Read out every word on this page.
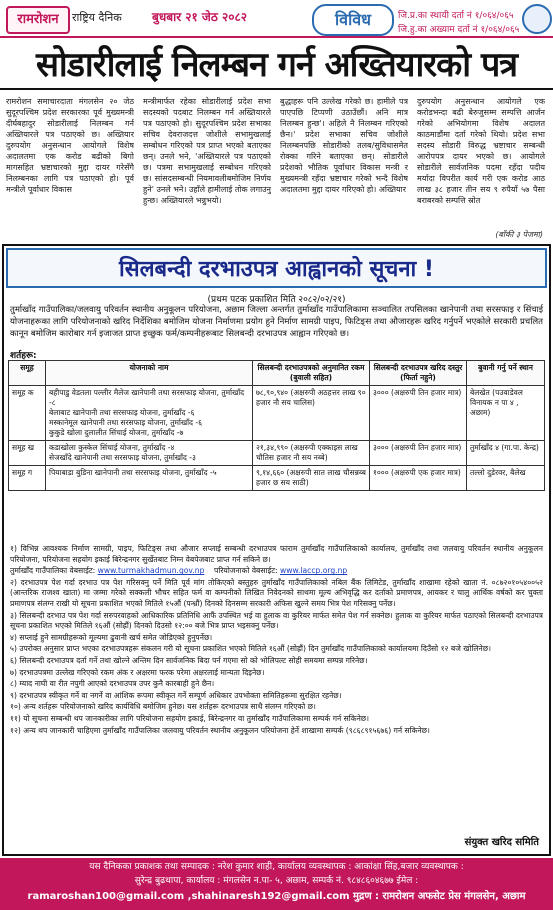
रामरोशन	राष्ट्रिय दैनिक	बुधबार २१ जेठ २०८२	विविध	जि.प्र.का स्थायी दर्ता नं १/०६४/०६५
जि.हु.का अख्याम दर्ता नं १/०६४/०६५
सोडारीलाई निलम्बन गर्न अख्तियारको पत्र
रामरोशन समाचारदाता मंगलसेन २० जेठ सुदूरपश्चिम प्रदेश सरकारका पूर्व मुख्यमन्त्री दीर्घबहादुर सोडारीलाई निलम्बन गर्न अख्तियारले पत्र पठाएको छ। अख्तियार दुरुपयोग अनुसन्धान आयोगले विशेष अदालतमा एक करोड बढीको बिगो मागसहित भ्रष्टाचारको मुद्दा दायर गरेसँगै निलम्बनका लागि पत्र पठाएको हो। पूर्व मन्त्रीले पूर्वाधार विकास
मन्त्रीमार्फत रहेका सोडारीलाई प्रदेश सभा सदस्यको पदबाट निलम्बन गर्न अख्तियारले पत्र पठाएको हो। सुदूरपश्चिम प्रदेश सभाका सचिव देवराजदत्त जोशीले सभामुखलाई सम्बोधन गरिएको पत्र प्राप्त भएको बताएका छन्। उनले भने, 'अख्तियारले पत्र पठाएको छ। पत्रमा सभामुखलाई सम्बोधन गरिएको छ। सांसदसम्बन्धी नियमावलीबमोजिम निर्णय हुने' उनले भने। उहाँले हामीलाई तोक लगाउनु हुन्छ। अख्तियारले भन्नुभयो।
बुद्धाहरू पनि उल्लेख गरेको छ। हामीले पत्र पाएपछि टिप्पणी उठाउँछौं। अनि मात्र निलम्बन हुन्छ'। अहिले नै निलम्बन गरिएको छैन।' प्रदेश सभाका सचिव जोशीले निलम्बनपछि सोडारीको तलब/सुविधासमेत रोक्का गरिने बताएका छन्। सोडारीले प्रदेशको भौतिक पूर्वाधार विकास मन्त्री र मुख्यमन्त्री रहँदा भ्रष्टाचार गरेको भन्दै विशेष अदालतमा मुद्दा दायर गरिएको हो। अख्तियार
दुरुपयोग अनुसन्धान आयोगले एक करोडभन्दा बढी बेरुजुसम्म सम्पत्ति आर्जन गरेको अभियोगमा विशेष अदालत काठमाडौंमा दर्ता गरेको थियो। प्रदेश सभा सदस्य सोडारी विरुद्ध भ्रष्टाचार सम्बन्धी आरोपपत्र दायर भएको छ। आयोगले सोडारीले सार्वजनिक पदमा रहँदा पदीय मर्यादा विपरीत कार्य गरी एक करोड आठ लाख ३८ हजार तीन सय ९ रुपैयाँ ५७ पैसा बराबरको सम्पत्ति स्रोत
(बाँकी ३ पेजमा)
सिलबन्दी दरभाउपत्र आह्वानको सूचना !
(प्रथम पटक प्रकाशित मिति २०८२/०२/२१)
तुर्माखाँद गाउँपालिका/जलवायु परिवर्तन स्थानीय अनुकूलन परियोजना, अछाम जिल्ला अन्तर्गत तुर्माखाँद गाउँपालिकामा सञ्चालित तपसिलका खानेपानी तथा सरसफाइ र सिंचाई योजनाहरूका लागि परियोजनाको खरिद निर्देशिका बमोजिम योजना निर्माणमा प्रयोग हुने निर्माण सामग्री पाइप, फिटिङ्स तथा औजारहरू खरिद गर्नुपर्ने भएकोले सरकारी प्रचलित कानून बमोजिम कारोबार गर्न इजाजत प्राप्त इच्छुक फर्म/कम्पनीहरूबाट सिलबन्दी दरभाउपत्र आह्वान गरिएको छ।
शर्तहरू:
समूह	योजनाको नाम	सिलबन्दी दरभाउपत्रको अनुमानित रकम (बुवाली सहित)	सिलबन्दी दरभाउपत्र खरिद दस्तुर (फिर्ता नहुने)	बुवानी गर्नु पर्ने स्थान
समूह क	बहीपाडु वेडतला पल्लीर मैलेज खानेपानी तथा सरसफाइ योजना, तुर्माखाँद -८
बेलाबाट खानेपानी तथा सरसफाइ योजना, तुर्माखाँद -६
मस्कानेमूल खानेपानी तथा सरसफाइ योजना, तुर्माखाँद -६
कुकुडे खोला दुलालीत सिंचाई योजना, तुर्माखाँद -७	७८,९०,९४० (अक्षरुपी अठहत्तर लाख ९० हजार नौ सय चालिस)	३००० (अक्षरुपी तिन हजार मात्र)	बेलखेत (पउवाडेवल विनायक न पा ४ , अछाम)
समूह ख	कडाखोला कुस्केल सिंचाई योजना, तुर्माखाँद -४
सेजखाँदे खानेपानी तथा सरसफाइ योजना, तुर्माखाँद -३	२१,३४,९९० (अक्षरुपी एक्काइस लाख चौतिस हजार नौ सय नब्बे)	३००० (अक्षरुपी तिन हजार मात्र)	तुर्माखाँद ४ (गा.पा. केन्द्र)
समूह ग	पियाबाडा बुडिना खानेपानी तथा सरसफाइ योजना, तुर्माखाँद -५	९,१४,६६० (अक्षरुपी सात लाख चौसन्नब्ब हजार छ सय साठी)	१००० (अक्षरुपी एक हजार मात्र)	तल्लो दुडेरवर, बैलेख

१) विभिन्न आवश्यक निर्माण सामग्री, पाइप, फिटिङ्स तथा औजार सप्लाई सम्बन्धी दरभाउपत्र फाराम तुर्माखाँद गाउँपालिकाको कार्यालय, तुर्माखाँद तथा जलवायु परिवर्तन स्थानीय अनुकूलन परियोजना, परियोजना सहयोग इकाई बिरेन्द्रनगर सुर्खेतबाट निम्न वेबपेजबाट प्राप्त गर्न सकिने छ।

तुर्माखाँद गाउँपालिका वेबसाईट: www.turmakhadmun.gov.np परियोजनाको वेबसाईट: www.laccp.org.np

२) दरभाउपत्र पेश गर्दा दरभाउ पत्र पेश गरिसक्नु पर्ने मिति पूर्व मांग तोकिएको बस्तुहरु तुर्माखाँद गाउँपालिकाको नबिल बैंक लिमिटेड, तुर्माखाँद शाखामा रहेको खाता नं. ०८७२०१०५४००५२ (आन्तरिक राजश्व खाता) मा जम्मा गरेको सक्कली भौचर सहित फर्म वा कम्पनीको लिखित निवेदनको साथमा मूल्य अभिवृद्धि कर दर्ताको प्रमाणपत्र, आयकर र चालु आर्थिक वर्षको कर चुक्ता प्रमाणपत्र संलग्न राखी यो सूचना प्रकाशित भएको मितिले १५औं (पन्ध्रौं) दिनको दिनसम्म सरकारी अफिस खुल्ने समय भित्र पेश गरिसक्नु पर्नेछ।

३) सिलबन्दी दरभाउ पत्र पेश गर्दा सरुपरवाहको आधिकारिक प्रतिनिधि आफैं उपस्थित भई वा हुलाक वा कुरियर मार्फत समेत पेश गर्न सक्नेछ। हुलाक वा कुरियर मार्फत पठाएको सिलबन्दी दरभाउपत्र सूचना प्रकाशित भएको मितिले १६औं (सोह्रौं) दिनको दिउसो १२:०० बजे भित्र प्राप्त भइसक्नु पर्नेछ।

४) सप्लाई हुने सामग्रीहरूको मूल्यमा ढुवानी खर्च समेत जोडिएको हुनुपर्नेछ।

५) उपरोक्त अनुसार प्राप्त भएका दरभाउपत्रहरू संकलन गरी यो सूचना प्रकाशित भएको मितिले १६औं (सोह्रौं) दिन तुर्माखाँद गाउँपालिकाको कार्यालयमा दिउँसो १२ बजे खोलिनेछ।

६) सिलबन्दी दरभाउपत्र दर्ता गर्ने तथा खोल्ने अन्तिम दिन सार्वजनिक बिदा पर्न गएमा सो को भोलिपल्ट सोही समयमा सम्पन्न गरिनेछ।

७) दरभाउपत्रमा उल्लेख गरिएको रकम अंक र अक्षरमा फरक परेमा अक्षरलाई मान्यता दिइनेछ।

८) म्याद नाघी वा रीत नपुगी आएको दरभाउपत्र उपर कुनै कारबाही हुने छैन।

९) दरभाउपत्र स्वीकृत गर्ने वा नगर्ने वा आंशिक रूपमा स्वीकृत गर्ने सम्पूर्ण अधिकार उपभोक्ता समितिहरूमा सुरक्षित रहनेछ।

१०) अन्य शर्तहरू परियोजनाको खरिद कार्यविधि बमोजिम हुनेछ। यस शर्तहरू दरभाउपत्र साथै संलग्न गरिएको छ।

११) यो सूचना सम्बन्धी थप जानकारीका लागि परियोजना सहयोग इकाई, बिरेन्द्रनगर वा तुर्माखाँद गाउँपालिकामा सम्पर्क गर्न सकिनेछ।

१२) अन्य थप जानकारी चाहिएमा तुर्माखाँद गाउँपालिका जलवायु परिवर्तन स्थानीय अनुकूलन परियोजना हेर्ने शाखामा सम्पर्क (९८६८९१५६७६) गर्न सकिनेछ।

संयुक्त खरिद समिति
यस दैनिकका प्रकाशक तथा सम्पादक : नरेश कुमार शाही, कार्यालय व्यवस्थापक : आकांक्षा सिंह,बजार व्यवस्थापक :
सुरेन्द्र बुढथापा, कार्यालय : मंगलसेन न.पा- ५, अछाम, सम्पर्क नं. ९८४८६०४६७७ ईमेल :
ramaroshan100@gmail.com ,shahinaresh192@gmail.com मुद्रण : रामरोशन अफसेट प्रेस मंगलसेन, अछाम
